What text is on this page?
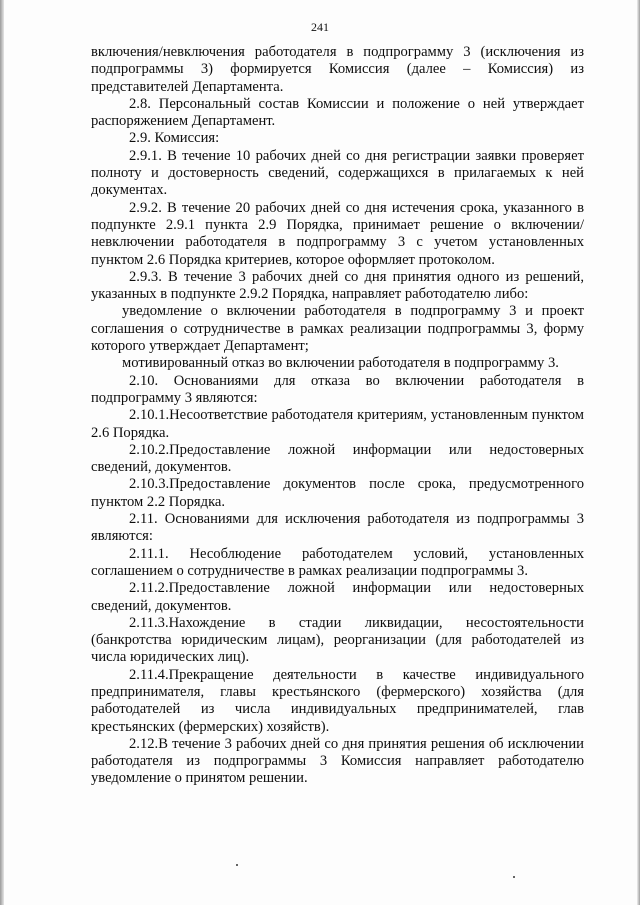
241

включения/невключения работодателя в подпрограмму 3 (исключения из подпрограммы 3) формируется Комиссия (далее – Комиссия) из представителей Департамента.

2.8. Персональный состав Комиссии и положение о ней утверждает распоряжением Департамент.

2.9. Комиссия:

2.9.1. В течение 10 рабочих дней со дня регистрации заявки проверяет полноту и достоверность сведений, содержащихся в прилагаемых к ней документах.

2.9.2. В течение 20 рабочих дней со дня истечения срока, указанного в подпункте 2.9.1 пункта 2.9 Порядка, принимает решение о включении/невключении работодателя в подпрограмму 3 с учетом установленных пунктом 2.6 Порядка критериев, которое оформляет протоколом.

2.9.3. В течение 3 рабочих дней со дня принятия одного из решений, указанных в подпункте 2.9.2 Порядка, направляет работодателю либо:

уведомление о включении работодателя в подпрограмму 3 и проект соглашения о сотрудничестве в рамках реализации подпрограммы 3, форму которого утверждает Департамент;

мотивированный отказ во включении работодателя в подпрограмму 3.

2.10. Основаниями для отказа во включении работодателя в подпрограмму 3 являются:

2.10.1.Несоответствие работодателя критериям, установленным пунктом 2.6 Порядка.

2.10.2.Предоставление ложной информации или недостоверных сведений, документов.

2.10.3.Предоставление документов после срока, предусмотренного пунктом 2.2 Порядка.

2.11. Основаниями для исключения работодателя из подпрограммы 3 являются:

2.11.1. Несоблюдение работодателем условий, установленных соглашением о сотрудничестве в рамках реализации подпрограммы 3.

2.11.2.Предоставление ложной информации или недостоверных сведений, документов.

2.11.3.Нахождение в стадии ликвидации, несостоятельности (банкротства юридическим лицам), реорганизации (для работодателей из числа юридических лиц).

2.11.4.Прекращение деятельности в качестве индивидуального предпринимателя, главы крестьянского (фермерского) хозяйства (для работодателей из числа индивидуальных предпринимателей, глав крестьянских (фермерских) хозяйств).

2.12.В течение 3 рабочих дней со дня принятия решения об исключении работодателя из подпрограммы 3 Комиссия направляет работодателю уведомление о принятом решении.
